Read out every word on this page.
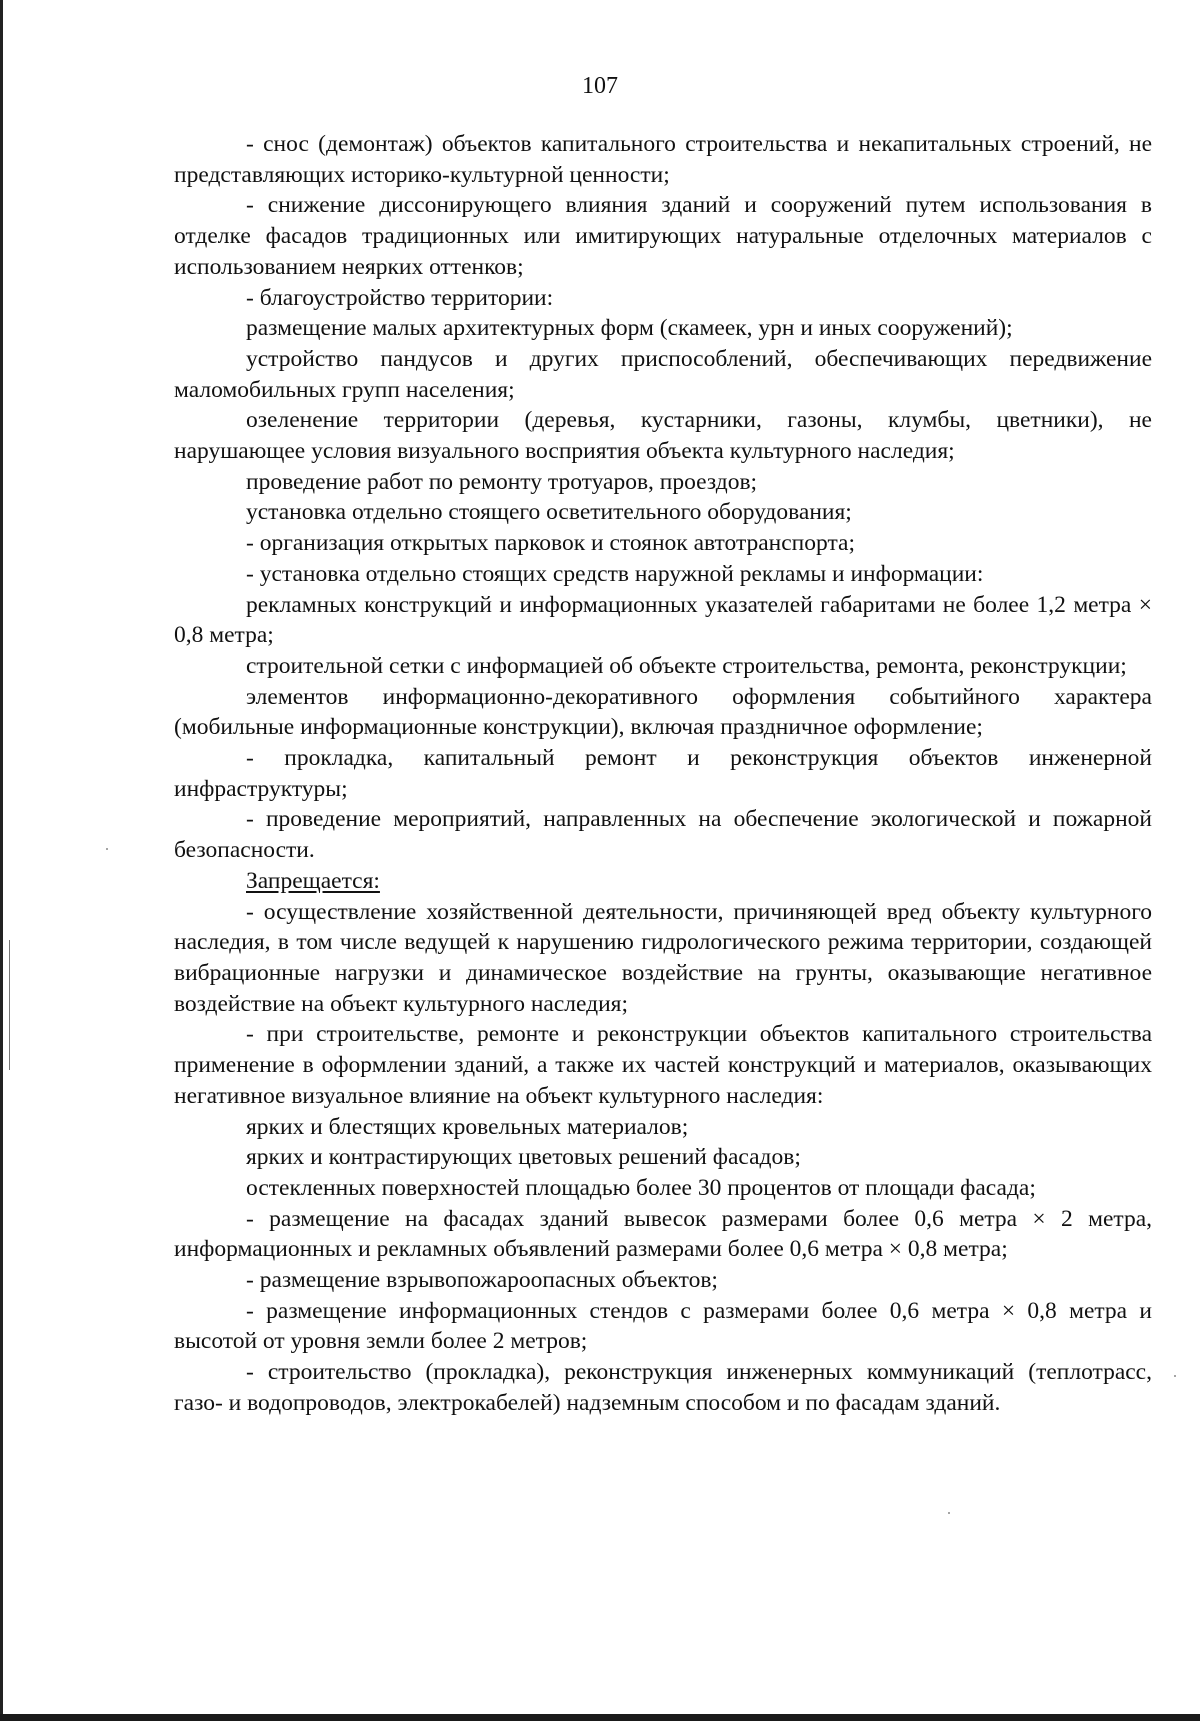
107

- снос (демонтаж) объектов капитального строительства и некапитальных строений, не представляющих историко-культурной ценности;

- снижение диссонирующего влияния зданий и сооружений путем использования в отделке фасадов традиционных или имитирующих натуральные отделочных материалов с использованием неярких оттенков;

- благоустройство территории:

размещение малых архитектурных форм (скамеек, урн и иных сооружений);

устройство пандусов и других приспособлений, обеспечивающих передвижение маломобильных групп населения;

озеленение территории (деревья, кустарники, газоны, клумбы, цветники), не нарушающее условия визуального восприятия объекта культурного наследия;

проведение работ по ремонту тротуаров, проездов;

установка отдельно стоящего осветительного оборудования;

- организация открытых парковок и стоянок автотранспорта;

- установка отдельно стоящих средств наружной рекламы и информации:

рекламных конструкций и информационных указателей габаритами не более 1,2 метра × 0,8 метра;

строительной сетки с информацией об объекте строительства, ремонта, реконструкции;

элементов информационно-декоративного оформления событийного характера (мобильные информационные конструкции), включая праздничное оформление;

- прокладка, капитальный ремонт и реконструкция объектов инженерной инфраструктуры;

- проведение мероприятий, направленных на обеспечение экологической и пожарной безопасности.

Запрещается:

- осуществление хозяйственной деятельности, причиняющей вред объекту культурного наследия, в том числе ведущей к нарушению гидрологического режима территории, создающей вибрационные нагрузки и динамическое воздействие на грунты, оказывающие негативное воздействие на объект культурного наследия;

- при строительстве, ремонте и реконструкции объектов капитального строительства применение в оформлении зданий, а также их частей конструкций и материалов, оказывающих негативное визуальное влияние на объект культурного наследия:

ярких и блестящих кровельных материалов;

ярких и контрастирующих цветовых решений фасадов;

остекленных поверхностей площадью более 30 процентов от площади фасада;

- размещение на фасадах зданий вывесок размерами более 0,6 метра × 2 метра, информационных и рекламных объявлений размерами более 0,6 метра × 0,8 метра;

- размещение взрывопожароопасных объектов;

- размещение информационных стендов с размерами более 0,6 метра × 0,8 метра и высотой от уровня земли более 2 метров;

- строительство (прокладка), реконструкция инженерных коммуникаций (теплотрасс, газо- и водопроводов, электрокабелей) надземным способом и по фасадам зданий.
